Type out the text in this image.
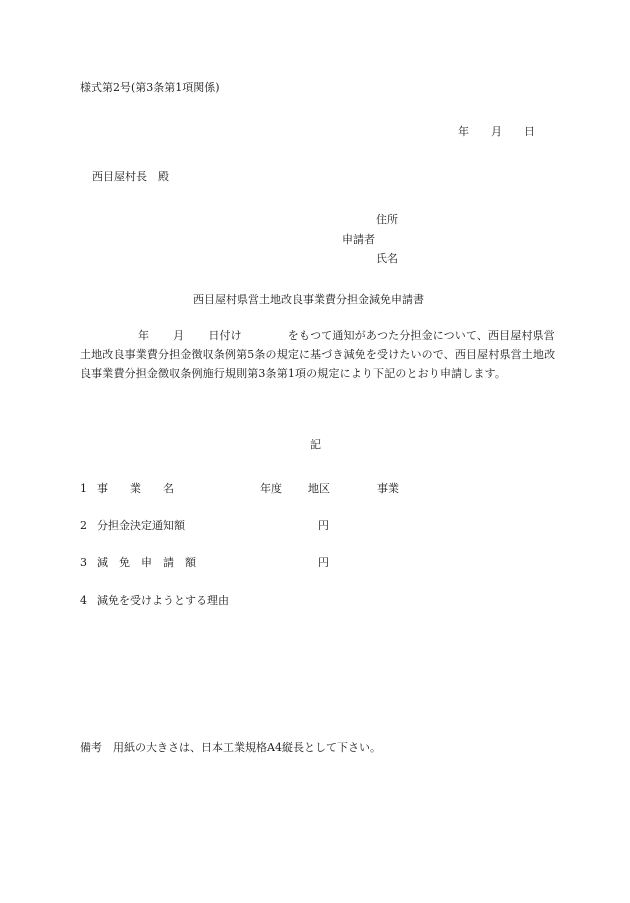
様式第2号(第3条第1項関係)
年　　月　　日
西目屋村長　殿
住所
申請者
氏名
西目屋村県営土地改良事業費分担金減免申請書
年 月 日付け	をもつて通知があつた分担金について、西目屋村県営土地改良事業費分担金徴収条例第5条の規定に基づき減免を受けたいので、西目屋村県営土地改良事業費分担金徴収条例施行規則第3条第1項の規定により下記のとおり申請します。
記
1 事　　業　　名	年度 地区	事業
2 分担金決定通知額	円
3 減　免　申　請　額	円
4 減免を受けようとする理由
備考　用紙の大きさは、日本工業規格A4縦長として下さい。
